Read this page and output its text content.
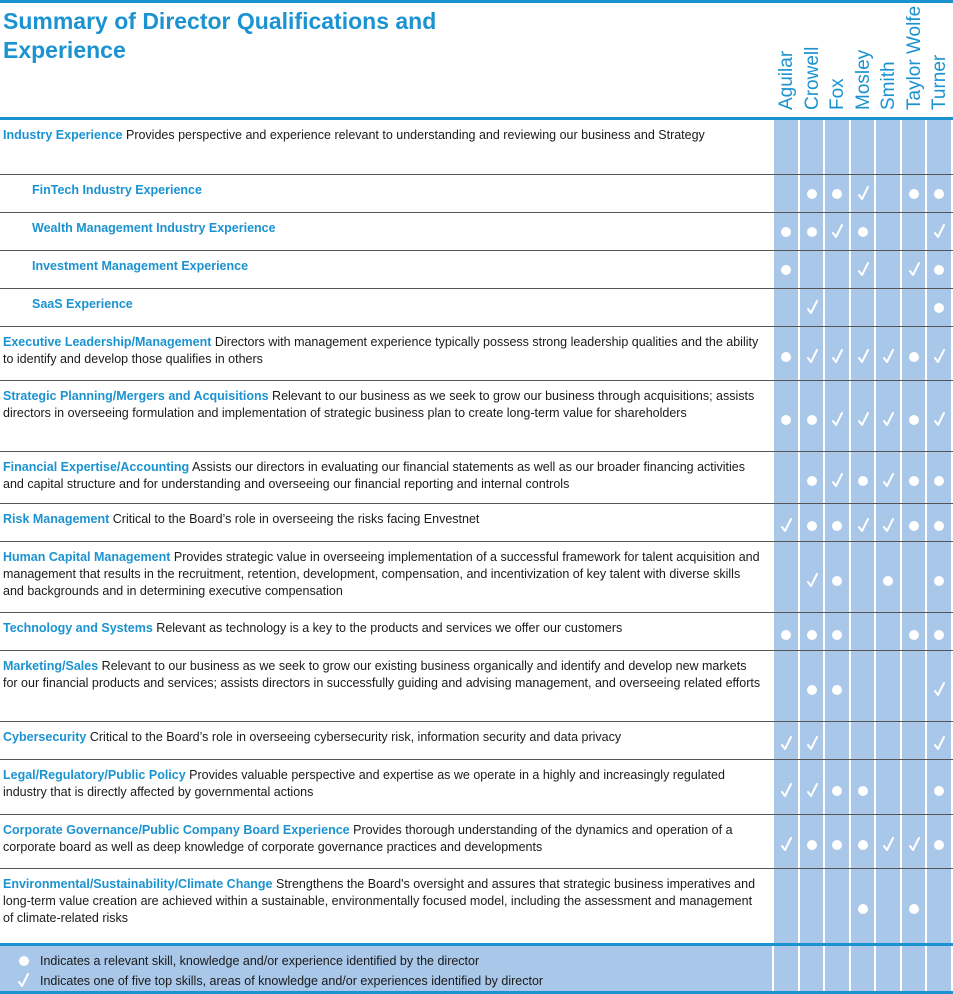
Summary of Director Qualifications and Experience
Aguilar Crowell Fox Mosley Smith Taylor Wolfe Turner

Industry Experience Provides perspective and experience relevant to understanding and reviewing our business and Strategy

FinTech Industry Experience

Wealth Management Industry Experience

Investment Management Experience

SaaS Experience

Executive Leadership/Management Directors with management experience typically possess strong leadership qualities and the ability to identify and develop those qualifies in others

Strategic Planning/Mergers and Acquisitions Relevant to our business as we seek to grow our business through acquisitions; assists directors in overseeing formulation and implementation of strategic business plan to create long-term value for shareholders

Financial Expertise/Accounting Assists our directors in evaluating our financial statements as well as our broader financing activities and capital structure and for understanding and overseeing our financial reporting and internal controls

Risk Management Critical to the Board’s role in overseeing the risks facing Envestnet

Human Capital Management Provides strategic value in overseeing implementation of a successful framework for talent acquisition and management that results in the recruitment, retention, development, compensation, and incentivization of key talent with diverse skills and backgrounds and in determining executive compensation

Technology and Systems Relevant as technology is a key to the products and services we offer our customers

Marketing/Sales Relevant to our business as we seek to grow our existing business organically and identify and develop new markets for our financial products and services; assists directors in successfully guiding and advising management, and overseeing related efforts

Cybersecurity Critical to the Board’s role in overseeing cybersecurity risk, information security and data privacy

Legal/Regulatory/Public Policy Provides valuable perspective and expertise as we operate in a highly and increasingly regulated industry that is directly affected by governmental actions

Corporate Governance/Public Company Board Experience Provides thorough understanding of the dynamics and operation of a corporate board as well as deep knowledge of corporate governance practices and developments

Environmental/Sustainability/Climate Change Strengthens the Board's oversight and assures that strategic business imperatives and long-term value creation are achieved within a sustainable, environmentally focused model, including the assessment and management of climate-related risks

Indicates a relevant skill, knowledge and/or experience identified by the director
Indicates one of five top skills, areas of knowledge and/or experiences identified by director
